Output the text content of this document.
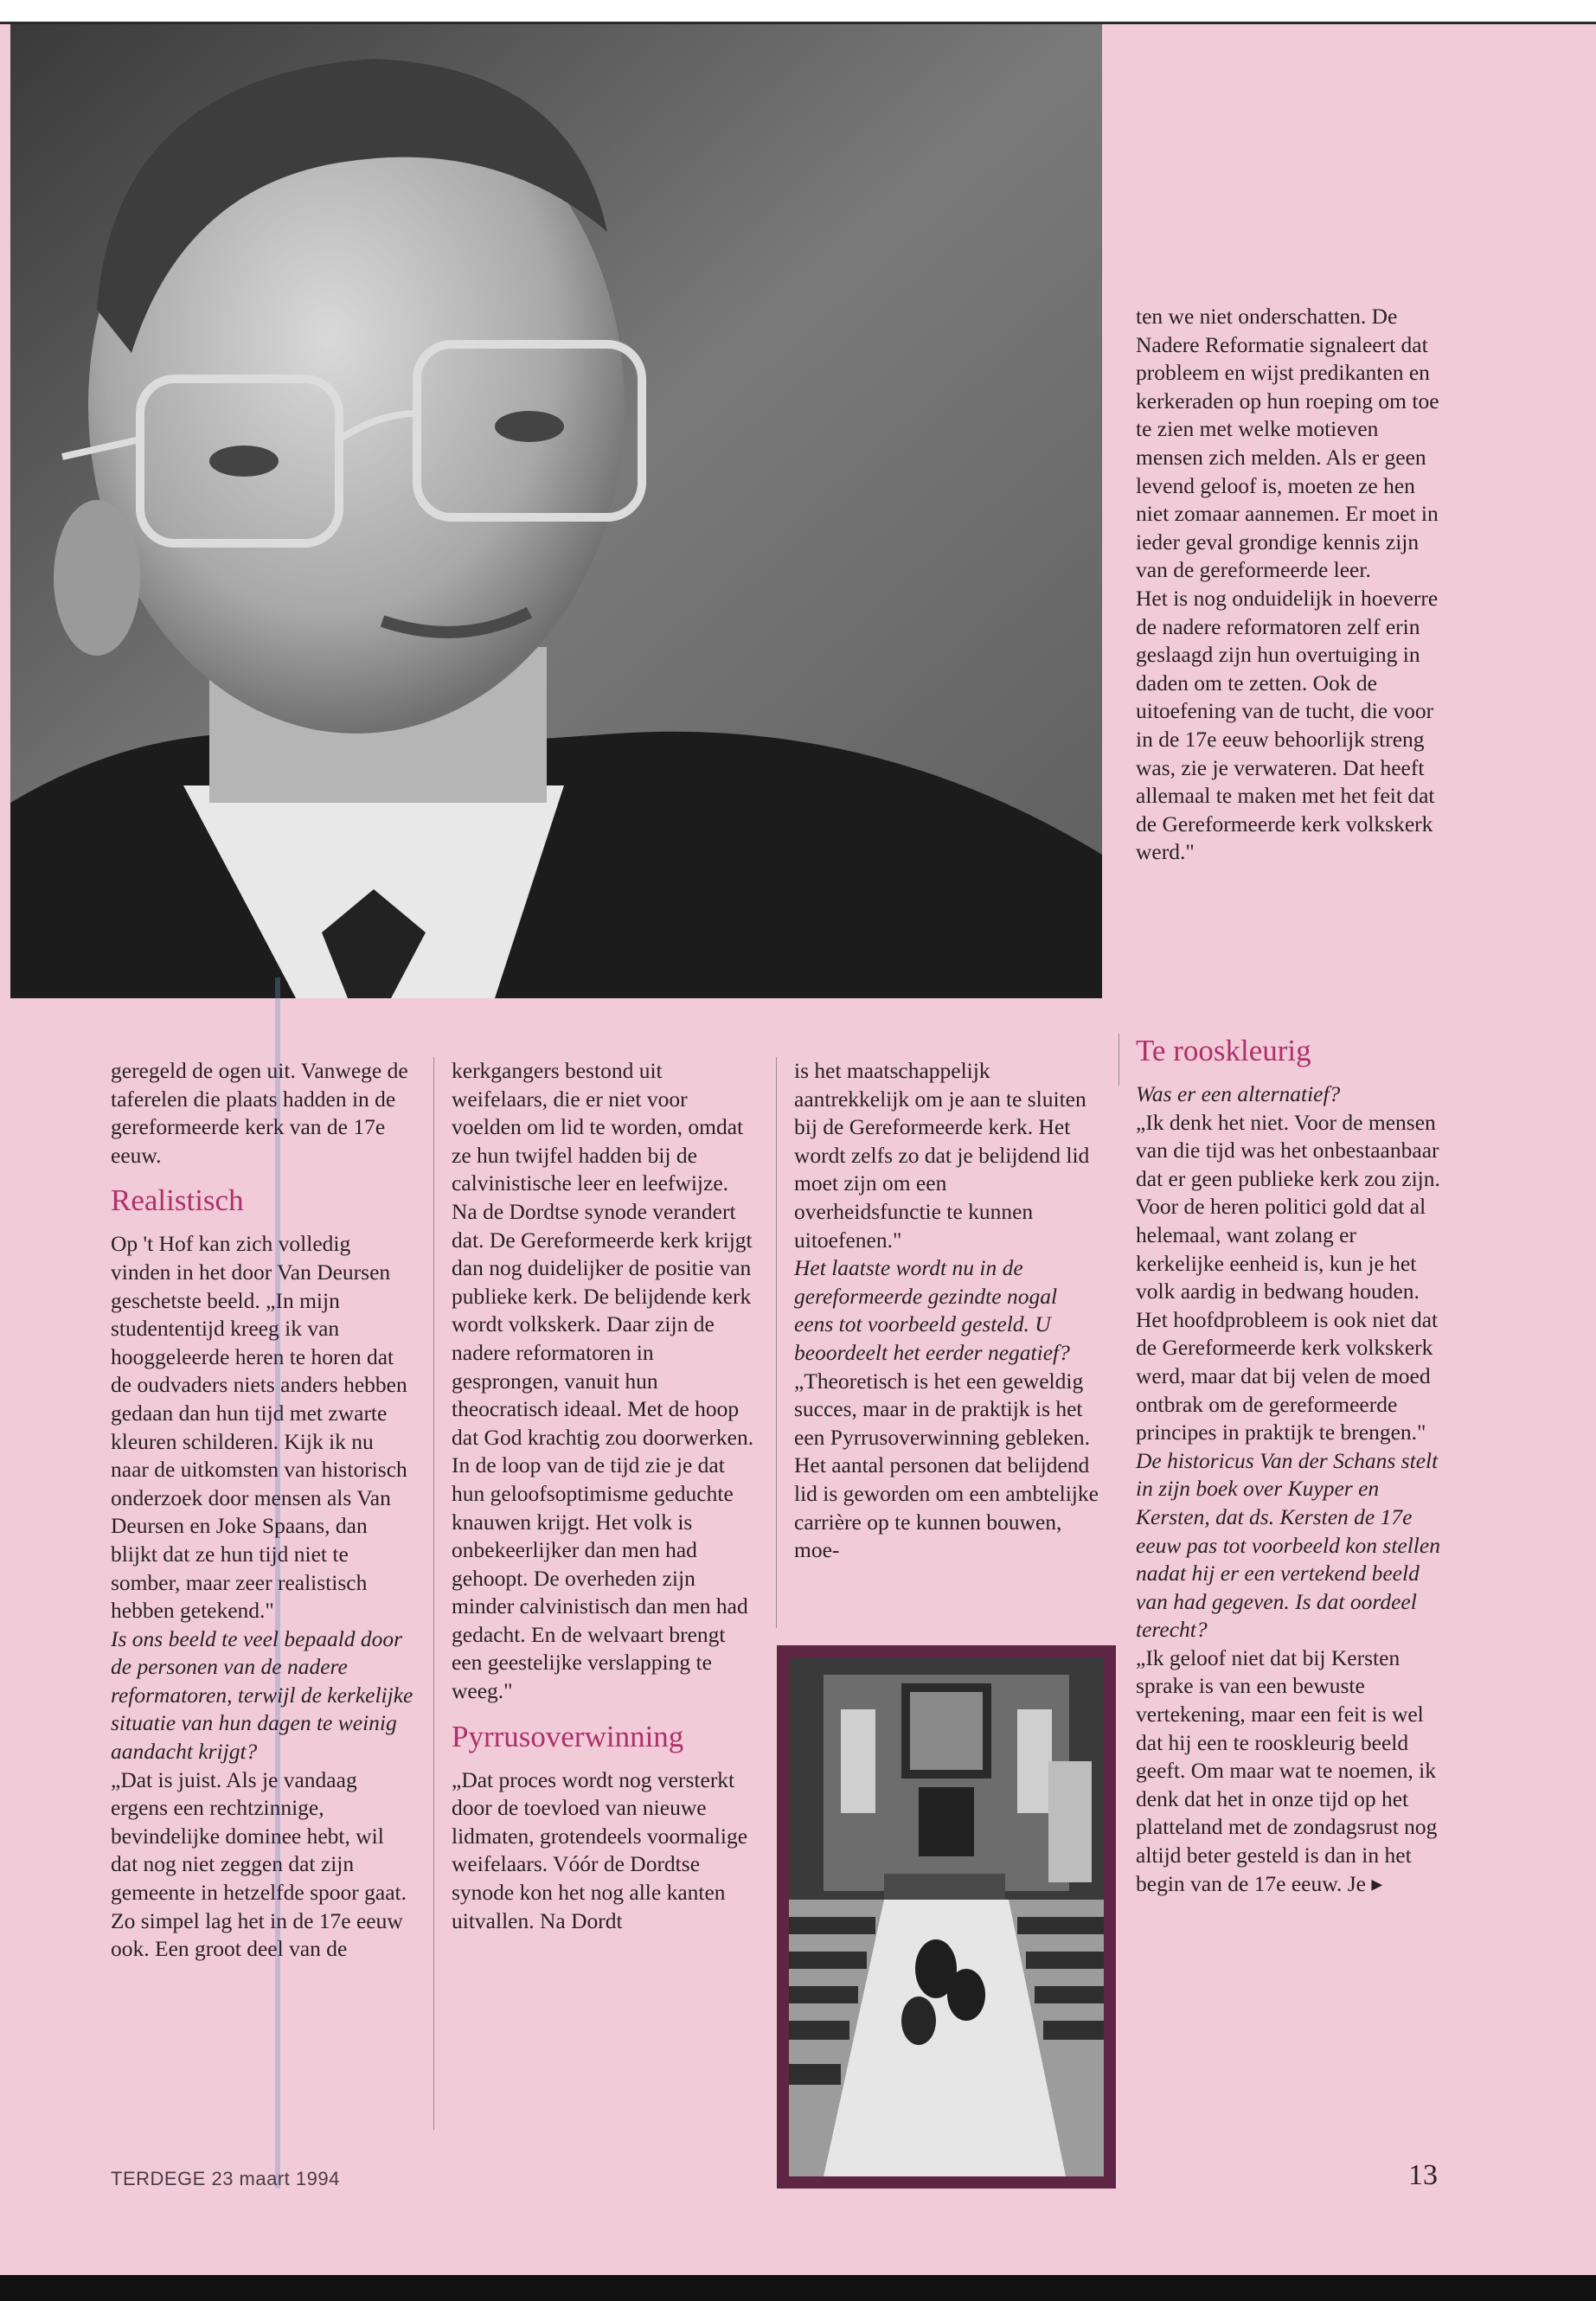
geregeld de ogen uit. Vanwege de taferelen die plaats hadden in de gereformeerde kerk van de 17e eeuw.

Realistisch

Op 't Hof kan zich volledig vinden in het door Van Deursen geschetste beeld. „In mijn studententijd kreeg ik van hooggeleerde heren te horen dat de oudvaders niets anders hebben gedaan dan hun tijd met zwarte kleuren schilderen. Kijk ik nu naar de uitkomsten van historisch onderzoek door mensen als Van Deursen en Joke Spaans, dan blijkt dat ze hun tijd niet te somber, maar zeer realistisch hebben getekend."

Is ons beeld te veel bepaald door de personen van de nadere reformatoren, terwijl de kerkelijke situatie van hun dagen te weinig aandacht krijgt?

„Dat is juist. Als je vandaag ergens een rechtzinnige, bevindelijke dominee hebt, wil dat nog niet zeggen dat zijn gemeente in hetzelfde spoor gaat. Zo simpel lag het in de 17e eeuw ook. Een groot deel van de

kerkgangers bestond uit weifelaars, die er niet voor voelden om lid te worden, omdat ze hun twijfel hadden bij de calvinistische leer en leefwijze.

Na de Dordtse synode verandert dat. De Gereformeerde kerk krijgt dan nog duidelijker de positie van publieke kerk. De belijdende kerk wordt volkskerk. Daar zijn de nadere reformatoren in gesprongen, vanuit hun theocratisch ideaal. Met de hoop dat God krachtig zou doorwerken. In de loop van de tijd zie je dat hun geloofsoptimisme geduchte knauwen krijgt. Het volk is onbekeerlijker dan men had gehoopt. De overheden zijn minder calvinistisch dan men had gedacht. En de welvaart brengt een geestelijke verslapping te weeg."

Pyrrusoverwinning

„Dat proces wordt nog versterkt door de toevloed van nieuwe lidmaten, grotendeels voormalige weifelaars. Vóór de Dordtse synode kon het nog alle kanten uitvallen. Na Dordt

is het maatschappelijk aantrekkelijk om je aan te sluiten bij de Gereformeerde kerk. Het wordt zelfs zo dat je belijdend lid moet zijn om een overheidsfunctie te kunnen uitoefenen."

Het laatste wordt nu in de gereformeerde gezindte nogal eens tot voorbeeld gesteld. U beoordeelt het eerder negatief?

„Theoretisch is het een geweldig succes, maar in de praktijk is het een Pyrrusoverwinning gebleken. Het aantal personen dat belijdend lid is geworden om een ambtelijke carrière op te kunnen bouwen, moe-

ten we niet onderschatten. De Nadere Reformatie signaleert dat probleem en wijst predikanten en kerkeraden op hun roeping om toe te zien met welke motieven mensen zich melden. Als er geen levend geloof is, moeten ze hen niet zomaar aannemen. Er moet in ieder geval grondige kennis zijn van de gereformeerde leer.

Het is nog onduidelijk in hoeverre de nadere reformatoren zelf erin geslaagd zijn hun overtuiging in daden om te zetten. Ook de uitoefening van de tucht, die voor in de 17e eeuw behoorlijk streng was, zie je verwateren. Dat heeft allemaal te maken met het feit dat de Gereformeerde kerk volkskerk werd."

Te rooskleurig

Was er een alternatief?

„Ik denk het niet. Voor de mensen van die tijd was het onbestaanbaar dat er geen publieke kerk zou zijn. Voor de heren politici gold dat al helemaal, want zolang er kerkelijke eenheid is, kun je het volk aardig in bedwang houden. Het hoofdprobleem is ook niet dat de Gereformeerde kerk volkskerk werd, maar dat bij velen de moed ontbrak om de gereformeerde principes in praktijk te brengen."

De historicus Van der Schans stelt in zijn boek over Kuyper en Kersten, dat ds. Kersten de 17e eeuw pas tot voorbeeld kon stellen nadat hij er een vertekend beeld van had gegeven. Is dat oordeel terecht?

„Ik geloof niet dat bij Kersten sprake is van een bewuste vertekening, maar een feit is wel dat hij een te rooskleurig beeld geeft. Om maar wat te noemen, ik denk dat het in onze tijd op het platteland met de zondagsrust nog altijd beter gesteld is dan in het begin van de 17e eeuw. Je ▸

TERDEGE 23 maart 1994	13
